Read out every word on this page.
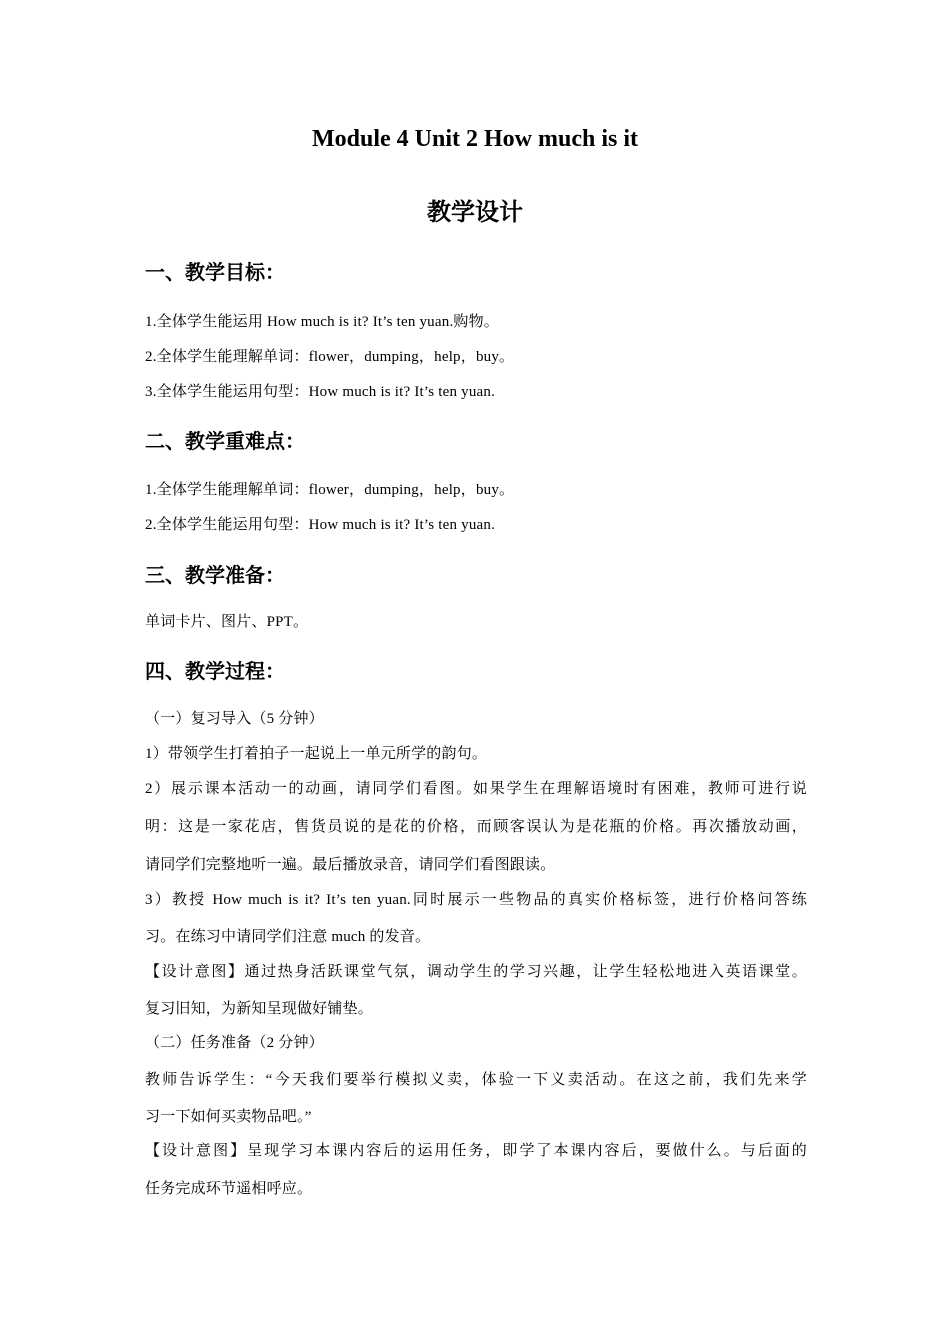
Module 4 Unit 2 How much is it
教学设计
一、教学目标：

1.全体学生能运用 How much is it? It’s ten yuan.购物。

2.全体学生能理解单词：flower，dumping，help，buy。

3.全体学生能运用句型：How much is it? It’s ten yuan.

二、教学重难点：

1.全体学生能理解单词：flower，dumping，help，buy。

2.全体学生能运用句型：How much is it? It’s ten yuan.

三、教学准备：

单词卡片、图片、PPT。

四、教学过程：

（一）复习导入（5 分钟）

1）带领学生打着拍子一起说上一单元所学的韵句。

2）展示课本活动一的动画，请同学们看图。如果学生在理解语境时有困难，教师可进行说

明：这是一家花店，售货员说的是花的价格，而顾客误认为是花瓶的价格。再次播放动画，

请同学们完整地听一遍。最后播放录音，请同学们看图跟读。

3）教授 How much is it? It’s ten yuan.同时展示一些物品的真实价格标签，进行价格问答练

习。在练习中请同学们注意 much 的发音。

【设计意图】通过热身活跃课堂气氛，调动学生的学习兴趣，让学生轻松地进入英语课堂。

复习旧知，为新知呈现做好铺垫。

（二）任务准备（2 分钟）

教师告诉学生：“今天我们要举行模拟义卖，体验一下义卖活动。在这之前，我们先来学

习一下如何买卖物品吧。”

【设计意图】呈现学习本课内容后的运用任务，即学了本课内容后，要做什么。与后面的

任务完成环节遥相呼应。
